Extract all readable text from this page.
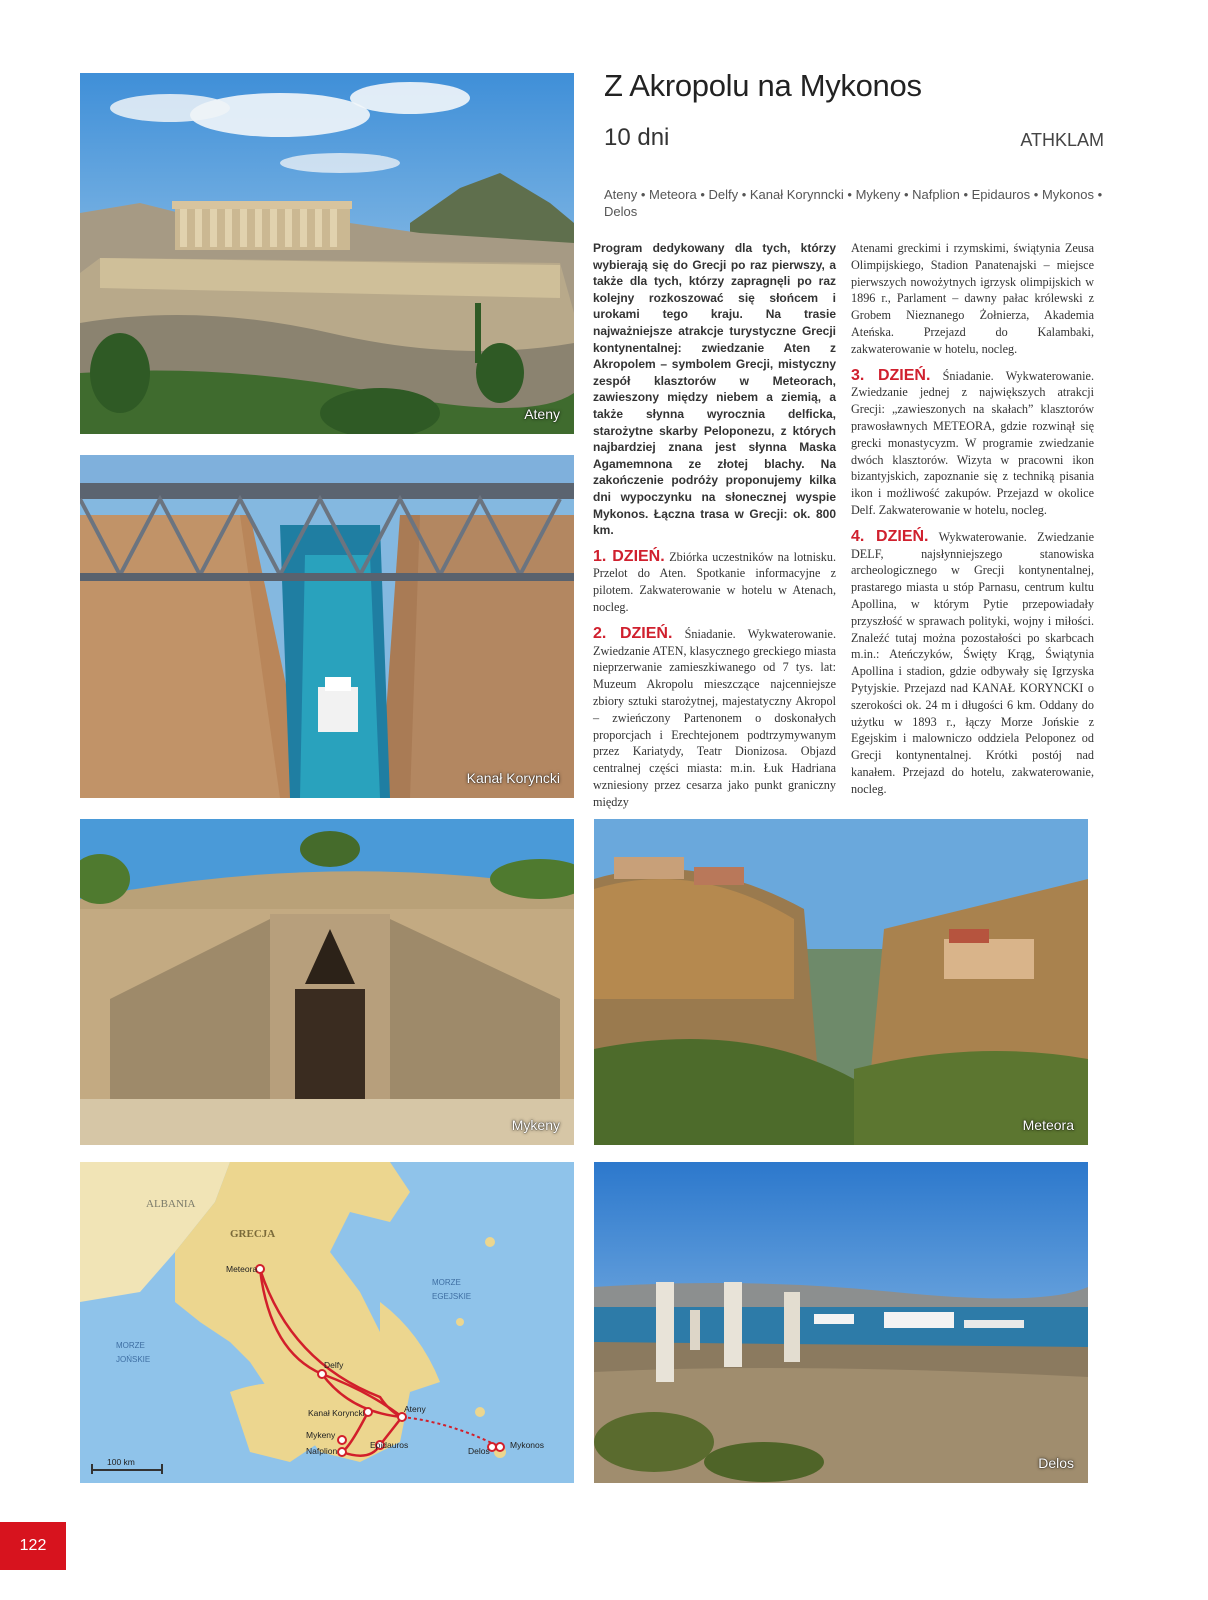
Ateny
Kanał Koryncki
Z Akropolu na Mykonos
10 dni	ATHKLAM
Ateny • Meteora • Delfy • Kanał Korynncki • Mykeny • Nafplion • Epidauros • Mykonos • Delos

Program dedykowany dla tych, którzy wybierają się do Grecji po raz pierwszy, a także dla tych, którzy zapragnęli po raz kolejny rozkoszować się słońcem i urokami tego kraju. Na trasie najważniejsze atrakcje turystyczne Grecji kontynentalnej: zwiedzanie Aten z Akropolem – symbolem Grecji, mistyczny zespół klasztorów w Meteorach, zawieszony między niebem a ziemią, a także słynna wyrocznia delficka, starożytne skarby Peloponezu, z których najbardziej znana jest słynna Maska Agamemnona ze złotej blachy. Na zakończenie podróży proponujemy kilka dni wypoczynku na słonecznej wyspie Mykonos. Łączna trasa w Grecji: ok. 800 km.

1. DZIEŃ. Zbiórka uczestników na lotnisku. Przelot do Aten. Spotkanie informacyjne z pilotem. Zakwaterowanie w hotelu w Atenach, nocleg.

2. DZIEŃ. Śniadanie. Wykwaterowanie. Zwiedzanie ATEN, klasycznego greckiego miasta nieprzerwanie zamieszkiwanego od 7 tys. lat: Muzeum Akropolu mieszczące najcenniejsze zbiory sztuki starożytnej, majestatyczny Akropol – zwieńczony Partenonem o doskonałych proporcjach i Erechtejonem podtrzymywanym przez Kariatydy, Teatr Dionizosa. Objazd centralnej części miasta: m.in. Łuk Hadriana wzniesiony przez cesarza jako punkt graniczny między

Atenami greckimi i rzymskimi, świątynia Zeusa Olimpijskiego, Stadion Panatenajski – miejsce pierwszych nowożytnych igrzysk olimpijskich w 1896 r., Parlament – dawny pałac królewski z Grobem Nieznanego Żołnierza, Akademia Ateńska. Przejazd do Kalambaki, zakwaterowanie w hotelu, nocleg.

3. DZIEŃ. Śniadanie. Wykwaterowanie. Zwiedzanie jednej z największych atrakcji Grecji: „zawieszonych na skałach” klasztorów prawosławnych METEORA, gdzie rozwinął się grecki monastycyzm. W programie zwiedzanie dwóch klasztorów. Wizyta w pracowni ikon bizantyjskich, zapoznanie się z techniką pisania ikon i możliwość zakupów. Przejazd w okolice Delf. Zakwaterowanie w hotelu, nocleg.

4. DZIEŃ. Wykwaterowanie. Zwiedzanie DELF, najsłynniejszego stanowiska archeologicznego w Grecji kontynentalnej, prastarego miasta u stóp Parnasu, centrum kultu Apollina, w którym Pytie przepowiadały przyszłość w sprawach polityki, wojny i miłości. Znaleźć tutaj można pozostałości po skarbcach m.in.: Ateńczyków, Święty Krąg, Świątynia Apollina i stadion, gdzie odbywały się Igrzyska Pytyjskie. Przejazd nad KANAŁ KORYNCKI o szerokości ok. 24 m i długości 6 km. Oddany do użytku w 1893 r., łączy Morze Jońskie z Egejskim i malowniczo oddziela Peloponez od Grecji kontynentalnej. Krótki postój nad kanałem. Przejazd do hotelu, zakwaterowanie, nocleg.

Mykeny	Meteora
ALBANIA
GRECJA
MORZE
EGEJSKIE
MORZE
JOŃSKIE
Meteora
Delfy
Kanał Koryncki	Ateny
Mykeny
Nafplion
Epidauros
Delos
Mykonos
100 km	Delos
122
